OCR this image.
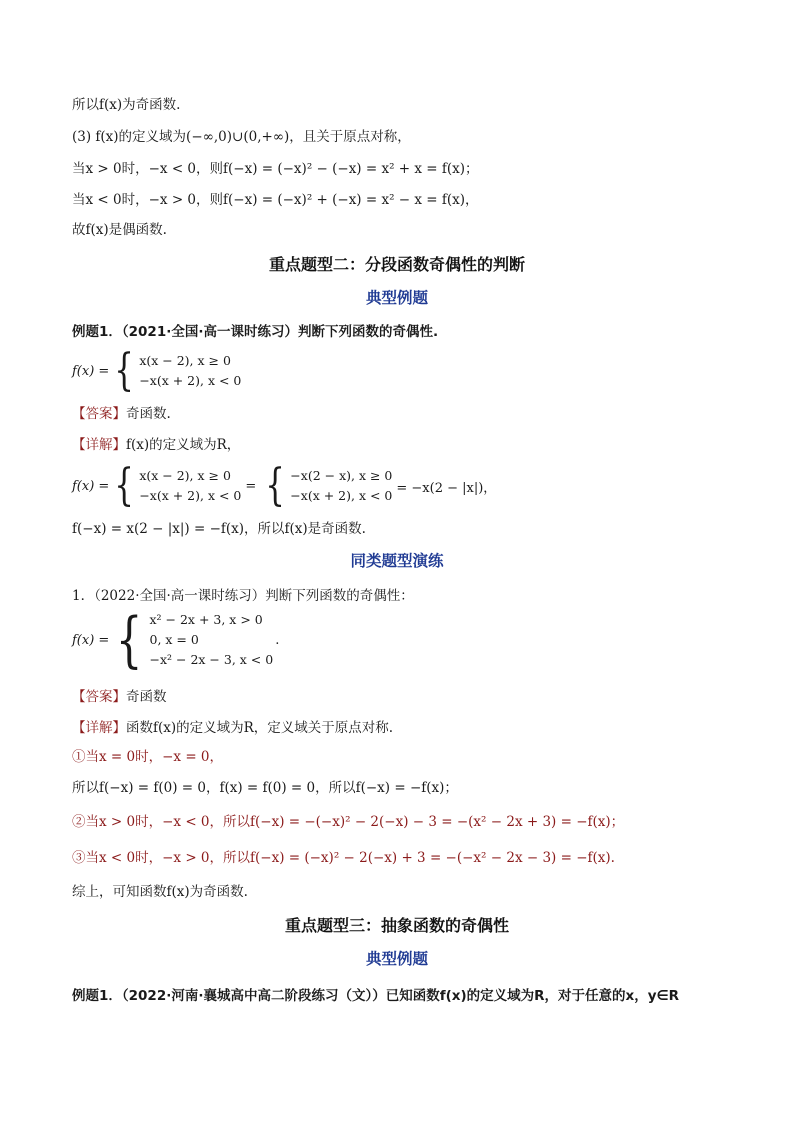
所以f(x)为奇函数.
(3) f(x)的定义域为(−∞,0)∪(0,+∞)，且关于原点对称，
当x > 0时，−x < 0，则f(−x) = (−x)² − (−x) = x² + x = f(x)；
当x < 0时，−x > 0，则f(−x) = (−x)² + (−x) = x² − x = f(x)，
故f(x)是偶函数.
重点题型二：分段函数奇偶性的判断
典型例题
例题1．（2021·全国·高一课时练习）判断下列函数的奇偶性.
f(x) = { x(x − 2), x ≥ 0
−x(x + 2), x < 0
【答案】奇函数.
【详解】f(x)的定义域为R，
f(x) = { x(x − 2), x ≥ 0
−x(x + 2), x < 0
= { −x(2 − x), x ≥ 0
−x(x + 2), x < 0 = −x(2 − |x|)，
f(−x) = x(2 − |x|) = −f(x)，所以f(x)是奇函数.
同类题型演练
1．（2022·全国·高一课时练习）判断下列函数的奇偶性：
f(x) = { x² − 2x + 3, x > 0
0, x = 0
−x² − 2x − 3, x < 0
.
【答案】奇函数
【详解】函数f(x)的定义域为R，定义域关于原点对称.
①当x = 0时，−x = 0，
所以f(−x) = f(0) = 0，f(x) = f(0) = 0，所以f(−x) = −f(x)；
②当x > 0时，−x < 0，所以f(−x) = −(−x)² − 2(−x) − 3 = −(x² − 2x + 3) = −f(x)；
③当x < 0时，−x > 0，所以f(−x) = (−x)² − 2(−x) + 3 = −(−x² − 2x − 3) = −f(x).
综上，可知函数f(x)为奇函数.
重点题型三：抽象函数的奇偶性
典型例题
例题1．（2022·河南·襄城高中高二阶段练习（文））已知函数f(x)的定义域为R，对于任意的x，y∈R
